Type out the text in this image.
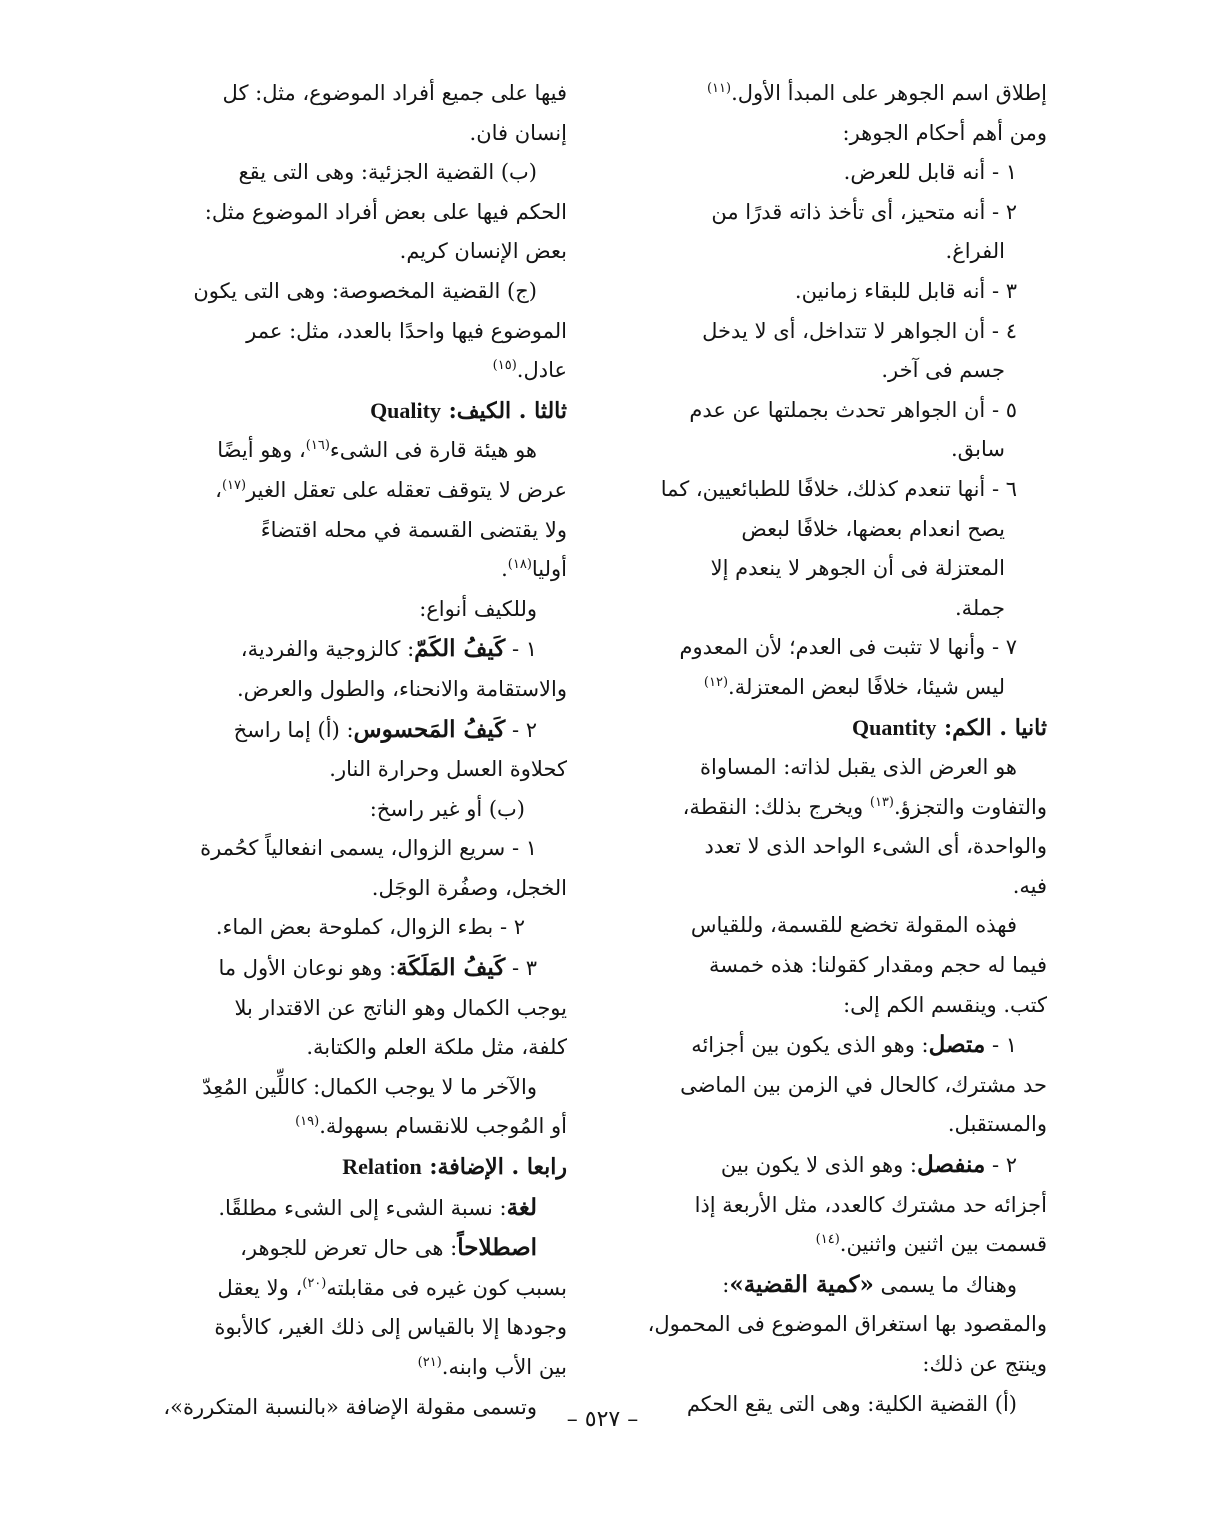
إطلاق اسم الجوهر على المبدأ الأول.$^{(١١)}$

ومن أهم أحكام الجوهر:

١ - أنه قابل للعرض.

٢ - أنه متحيز، أى تأخذ ذاته قدرًا من

الفراغ.

٣ - أنه قابل للبقاء زمانين.

٤ - أن الجواهر لا تتداخل، أى لا يدخل

جسم فى آخر.

٥ - أن الجواهر تحدث بجملتها عن عدم

سابق.

٦ - أنها تنعدم كذلك، خلافًا للطبائعيين، كما

يصح انعدام بعضها، خلافًا لبعض

المعتزلة فى أن الجوهر لا ينعدم إلا

جملة.

٧ - وأنها لا تثبت فى العدم؛ لأن المعدوم

ليس شيئا، خلافًا لبعض المعتزلة.$^{(١٢)}$

ثانيا . الكم: Quantity

هو العرض الذى يقبل لذاته: المساواة

والتفاوت والتجزؤ.$^{(١٣)}$ ويخرج بذلك: النقطة،

والواحدة، أى الشىء الواحد الذى لا تعدد

فيه.

فهذه المقولة تخضع للقسمة، وللقياس

فيما له حجم ومقدار كقولنا: هذه خمسة

كتب. وينقسم الكم إلى:

١ - متصل: وهو الذى يكون بين أجزائه

حد مشترك، كالحال في الزمن بين الماضى

والمستقبل.

٢ - منفصل: وهو الذى لا يكون بين

أجزائه حد مشترك كالعدد، مثل الأربعة إذا

قسمت بين اثنين واثنين.$^{(١٤)}$

وهناك ما يسمى «كمية القضية»:

والمقصود بها استغراق الموضوع فى المحمول،

وينتج عن ذلك:

(أ) القضية الكلية: وهى التى يقع الحكم

فيها على جميع أفراد الموضوع، مثل: كل

إنسان فان.

(ب) القضية الجزئية: وهى التى يقع

الحكم فيها على بعض أفراد الموضوع مثل:

بعض الإنسان كريم.

(ج) القضية المخصوصة: وهى التى يكون

الموضوع فيها واحدًا بالعدد، مثل: عمر

عادل.$^{(١٥)}$

ثالثا . الكيف: Quality

هو هيئة قارة فى الشىء$^{(١٦)}$، وهو أيضًا

عرض لا يتوقف تعقله على تعقل الغير$^{(١٧)}$،

ولا يقتضى القسمة في محله اقتضاءً

أوليا$^{(١٨)}$.

وللكيف أنواع:

١ - كَيفُ الكَمّ: كالزوجية والفردية،

والاستقامة والانحناء، والطول والعرض.

٢ - كَيفُ المَحسوس: (أ) إما راسخ

كحلاوة العسل وحرارة النار.

(ب) أو غير راسخ:

١ - سريع الزوال، يسمى انفعالياً كحُمرة

الخجل، وصفُرة الوجَل.

٢ - بطء الزوال، كملوحة بعض الماء.

٣ - كَيفُ المَلَكَة: وهو نوعان الأول ما

يوجب الكمال وهو الناتج عن الاقتدار بلا

كلفة، مثل ملكة العلم والكتابة.

والآخر ما لا يوجب الكمال: كاللِّين المُعِدّ

أو المُوجب للانقسام بسهولة.$^{(١٩)}$

رابعا . الإضافة: Relation

لغة: نسبة الشىء إلى الشىء مطلقًا.

اصطلاحاً: هى حال تعرض للجوهر،

بسبب كون غيره فى مقابلته$^{(٢٠)}$، ولا يعقل

وجودها إلا بالقياس إلى ذلك الغير، كالأبوة

بين الأب وابنه.$^{(٢١)}$

وتسمى مقولة الإضافة «بالنسبة المتكررة»،

– ٥٢٧ –
